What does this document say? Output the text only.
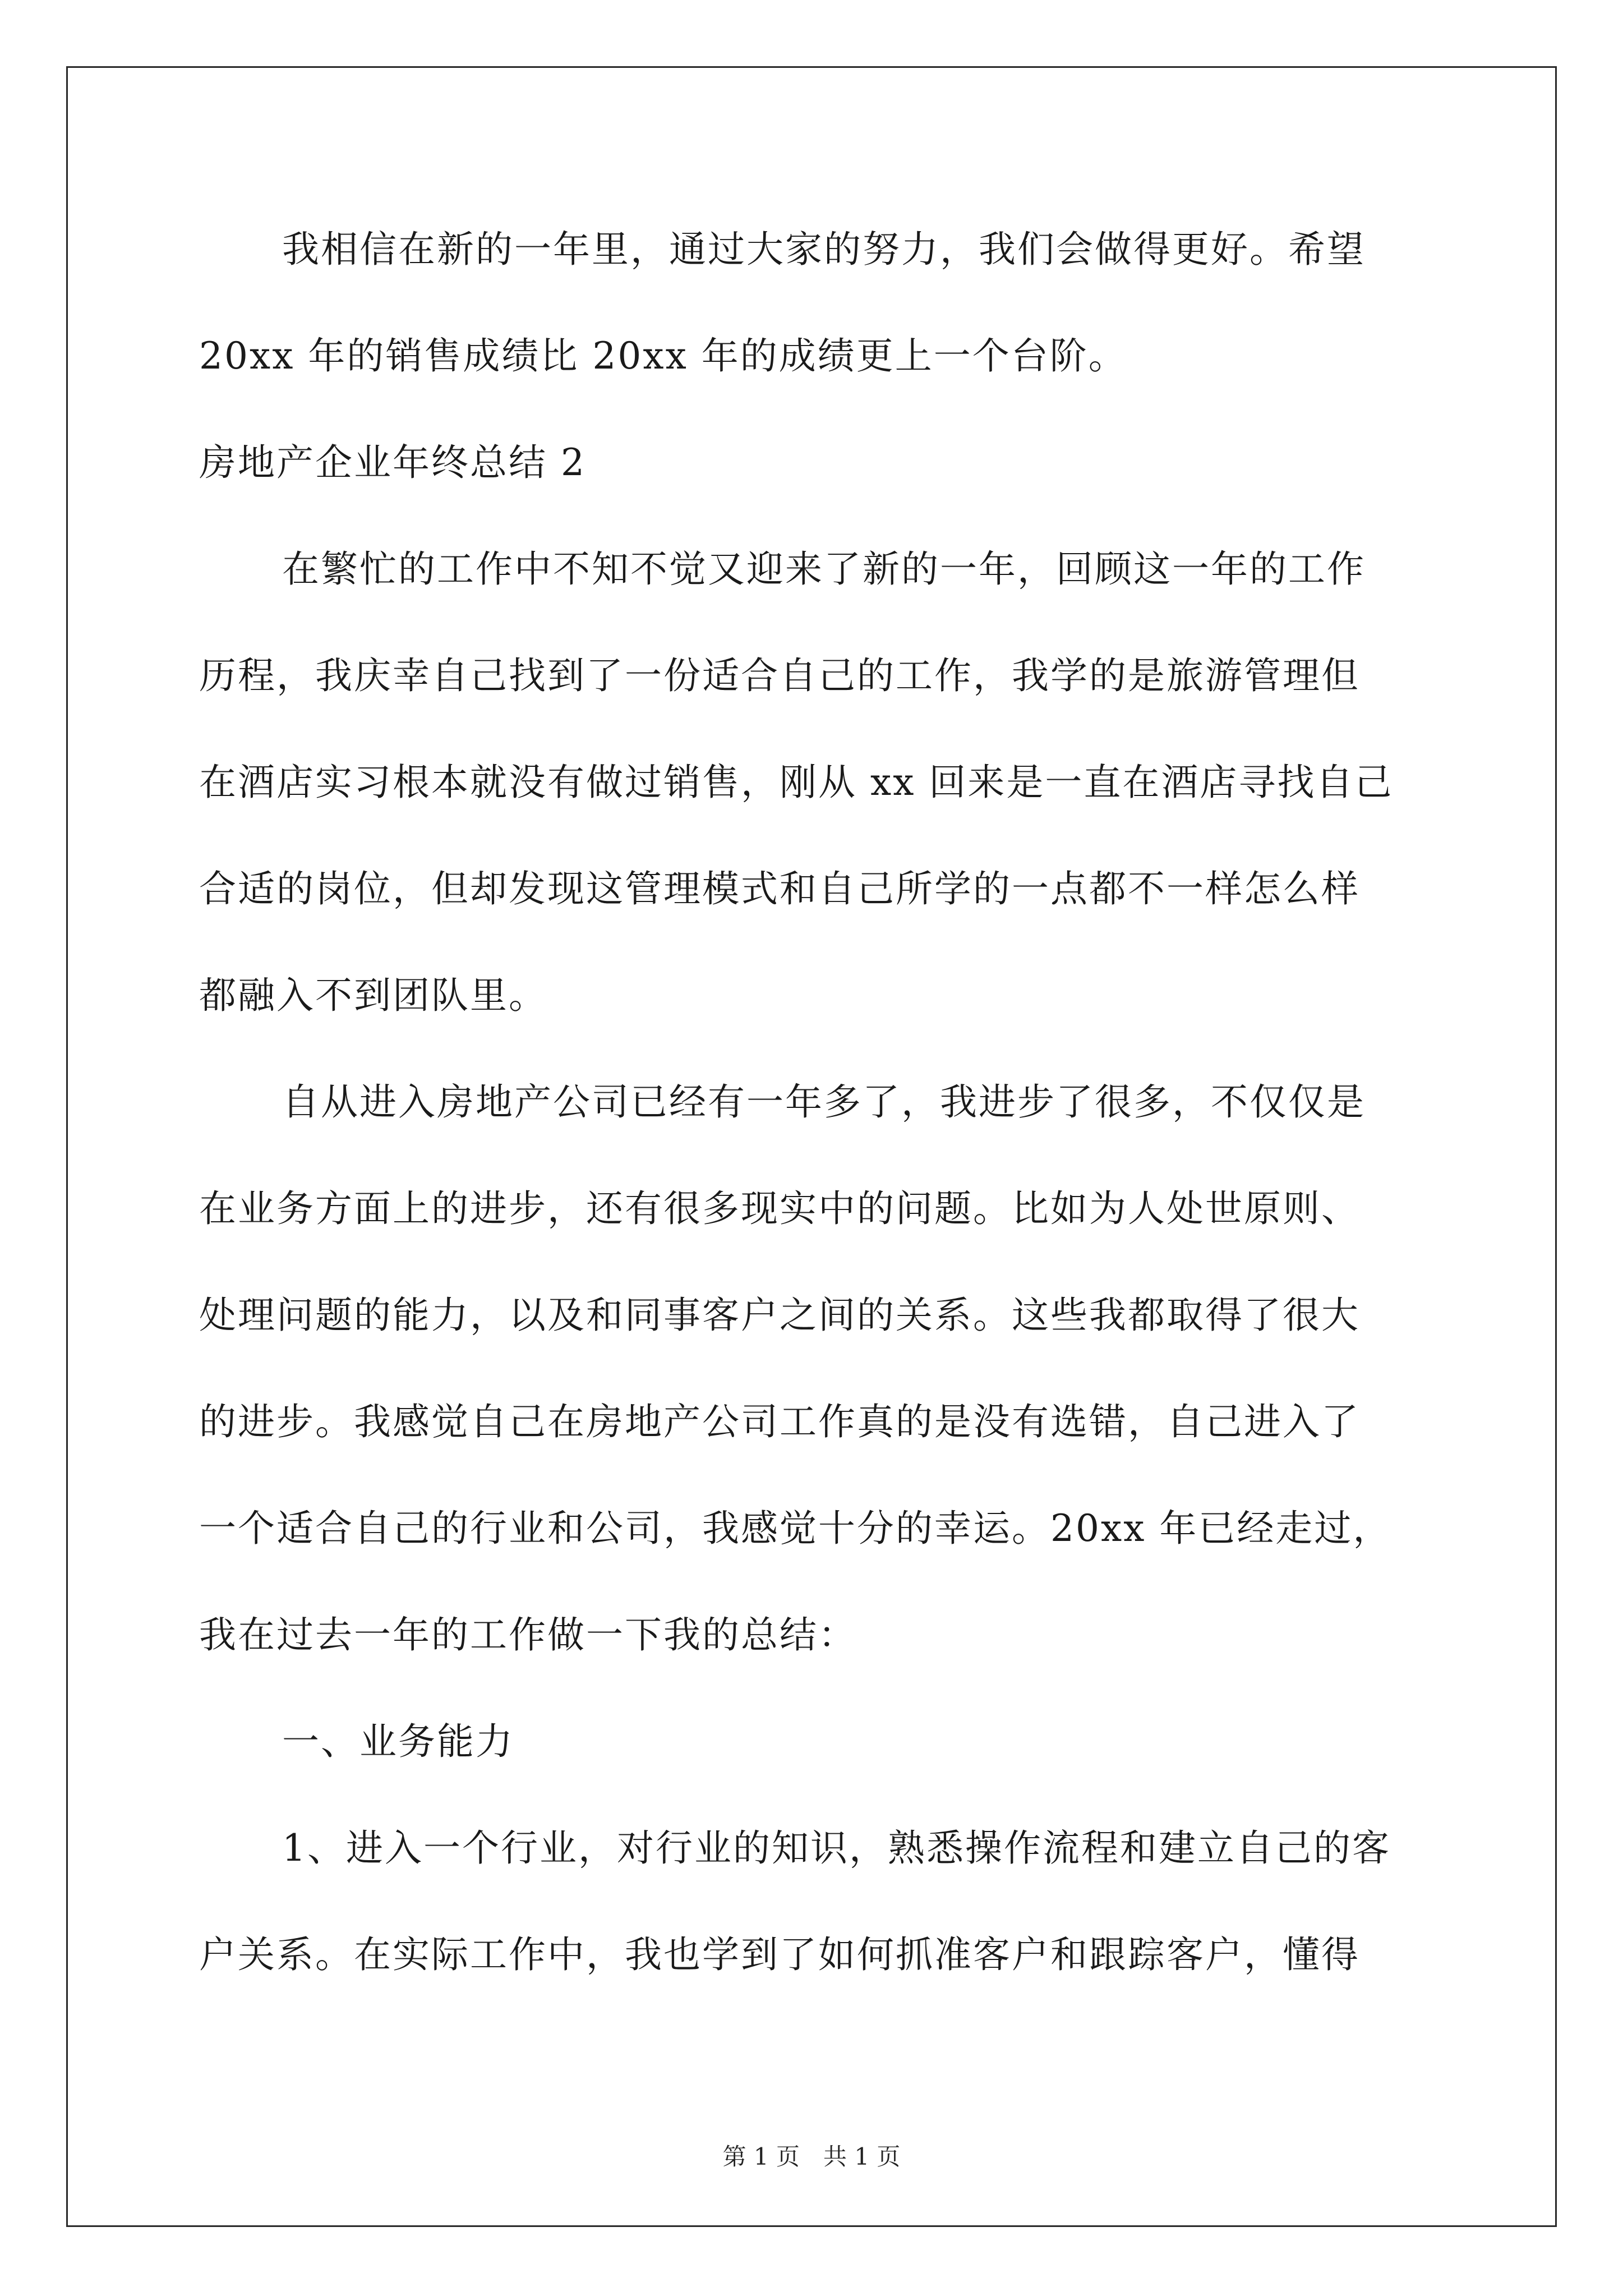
我相信在新的一年里，通过大家的努力，我们会做得更好。希望
20xx 年的销售成绩比 20xx 年的成绩更上一个台阶。
房地产企业年终总结 2
在繁忙的工作中不知不觉又迎来了新的一年，回顾这一年的工作
历程，我庆幸自己找到了一份适合自己的工作，我学的是旅游管理但
在酒店实习根本就没有做过销售，刚从 xx 回来是一直在酒店寻找自己
合适的岗位，但却发现这管理模式和自己所学的一点都不一样怎么样
都融入不到团队里。
自从进入房地产公司已经有一年多了，我进步了很多，不仅仅是
在业务方面上的进步，还有很多现实中的问题。比如为人处世原则、
处理问题的能力，以及和同事客户之间的关系。这些我都取得了很大
的进步。我感觉自己在房地产公司工作真的是没有选错，自己进入了
一个适合自己的行业和公司，我感觉十分的幸运。20xx 年已经走过，
我在过去一年的工作做一下我的总结：
一、业务能力
1、进入一个行业，对行业的知识，熟悉操作流程和建立自己的客
户关系。在实际工作中，我也学到了如何抓准客户和跟踪客户，懂得
第 1 页　共 1 页
